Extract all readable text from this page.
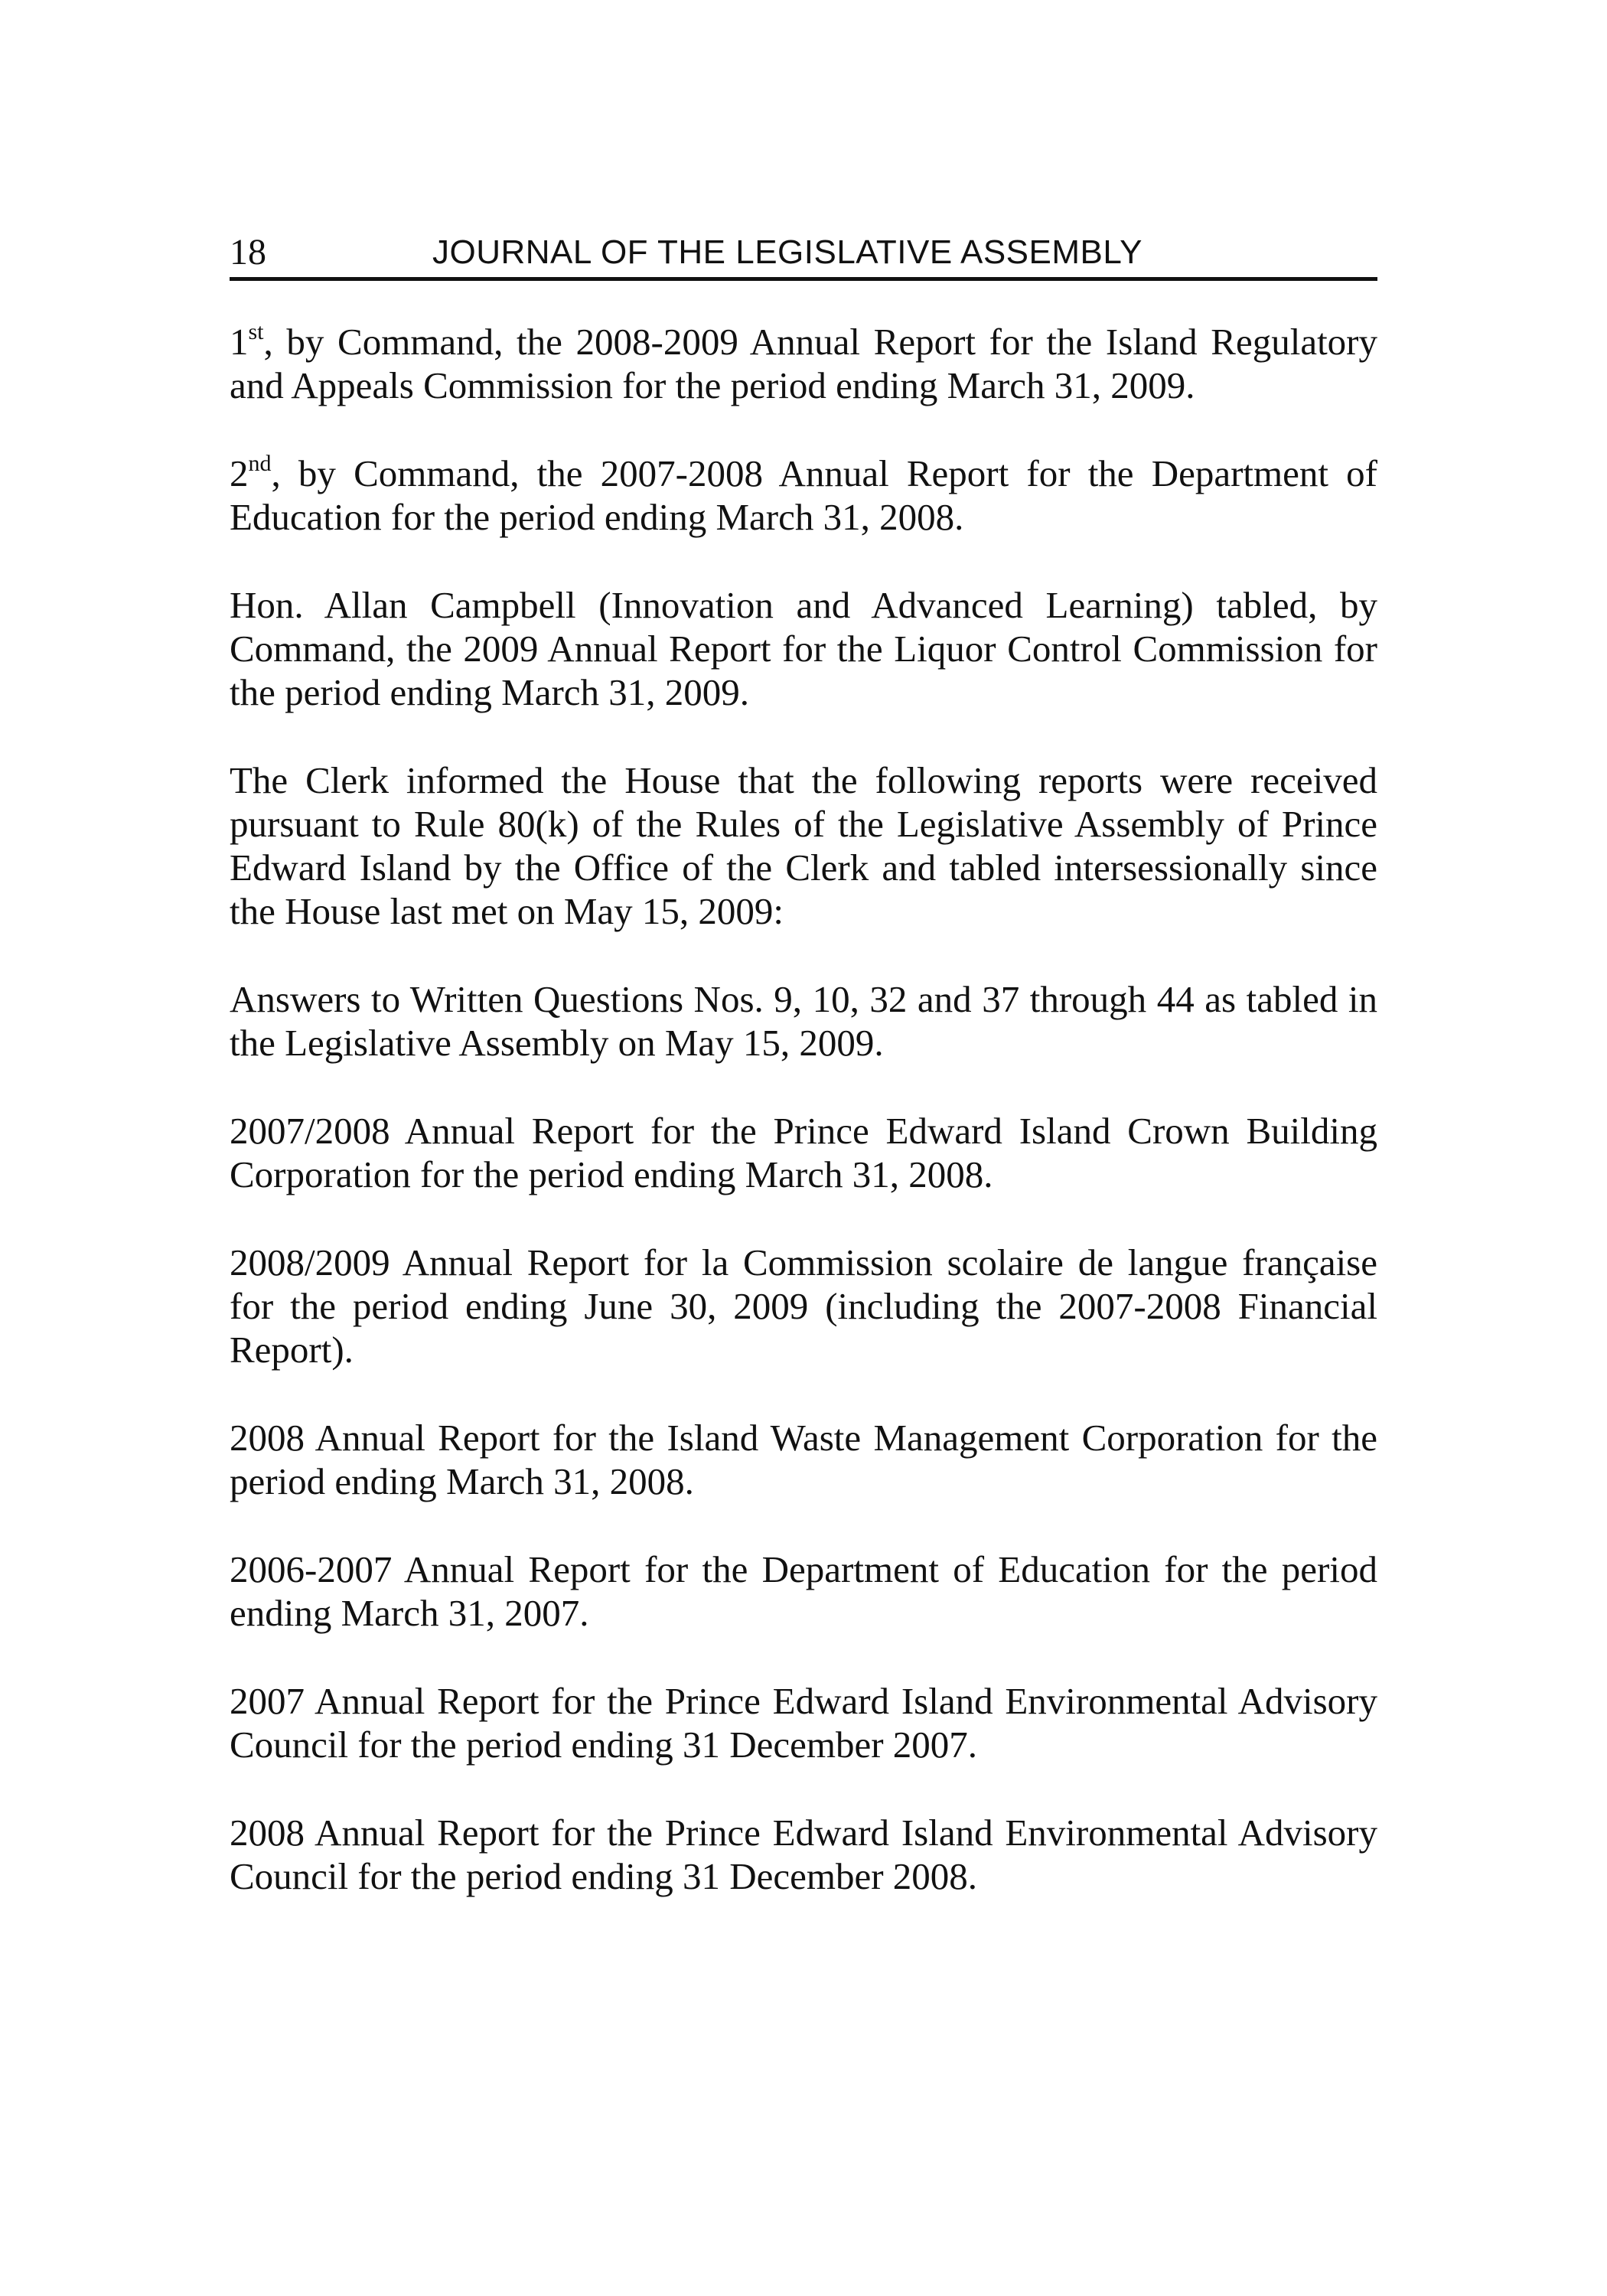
18	JOURNAL OF THE LEGISLATIVE ASSEMBLY

1st, by Command, the 2008-2009 Annual Report for the Island Regulatory and Appeals Commission for the period ending March 31, 2009.

2nd, by Command, the 2007-2008 Annual Report for the Department of Education for the period ending March 31, 2008.

Hon. Allan Campbell (Innovation and Advanced Learning) tabled, by Command, the 2009 Annual Report for the Liquor Control Commission for the period ending March 31, 2009.

The Clerk informed the House that the following reports were received pursuant to Rule 80(k) of the Rules of the Legislative Assembly of Prince Edward Island by the Office of the Clerk and tabled intersessionally since the House last met on May 15, 2009:

Answers to Written Questions Nos. 9, 10, 32 and 37 through 44 as tabled in the Legislative Assembly on May 15, 2009.

2007/2008 Annual Report for the Prince Edward Island Crown Building Corporation for the period ending March 31, 2008.

2008/2009 Annual Report for la Commission scolaire de langue française for the period ending June 30, 2009 (including the 2007-2008 Financial Report).

2008 Annual Report for the Island Waste Management Corporation for the period ending March 31, 2008.

2006-2007 Annual Report for the Department of Education for the period ending March 31, 2007.

2007 Annual Report for the Prince Edward Island Environmental Advisory Council for the period ending 31 December 2007.

2008 Annual Report for the Prince Edward Island Environmental Advisory Council for the period ending 31 December 2008.
